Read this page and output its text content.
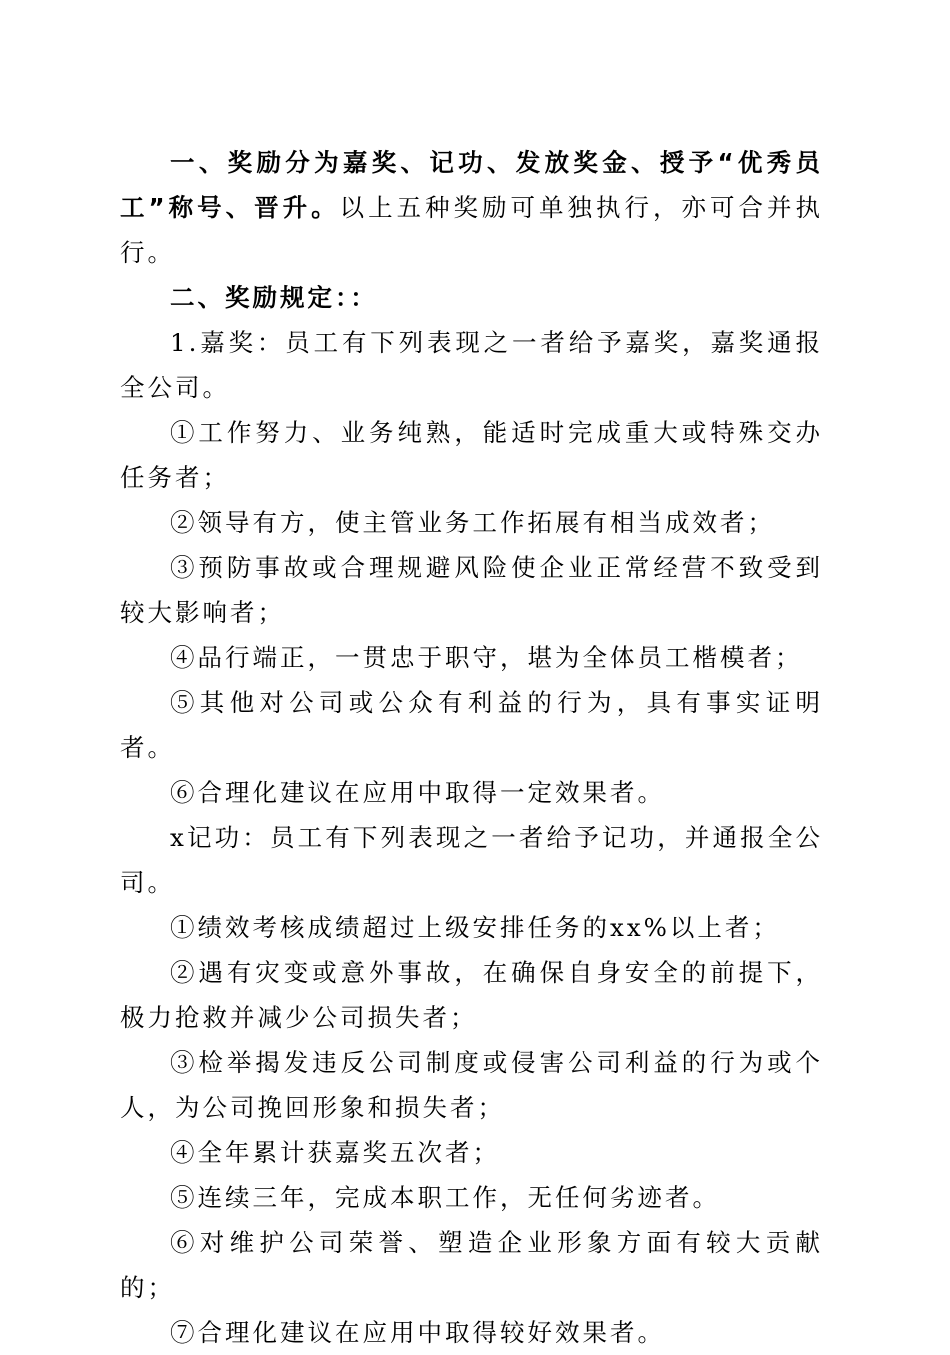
一、奖励分为嘉奖、记功、发放奖金、授予“优秀员工”称号、晋升。以上五种奖励可单独执行，亦可合并执行。

二、奖励规定：：

1.嘉奖：员工有下列表现之一者给予嘉奖，嘉奖通报全公司。

①工作努力、业务纯熟，能适时完成重大或特殊交办任务者；

②领导有方，使主管业务工作拓展有相当成效者；

③预防事故或合理规避风险使企业正常经营不致受到较大影响者；

④品行端正，一贯忠于职守，堪为全体员工楷模者；

⑤其他对公司或公众有利益的行为，具有事实证明者。

⑥合理化建议在应用中取得一定效果者。

x记功：员工有下列表现之一者给予记功，并通报全公司。

①绩效考核成绩超过上级安排任务的xx%以上者；

②遇有灾变或意外事故，在确保自身安全的前提下，极力抢救并减少公司损失者；

③检举揭发违反公司制度或侵害公司利益的行为或个人，为公司挽回形象和损失者；

④全年累计获嘉奖五次者；

⑤连续三年，完成本职工作，无任何劣迹者。

⑥对维护公司荣誉、塑造企业形象方面有较大贡献的；

⑦合理化建议在应用中取得较好效果者。
